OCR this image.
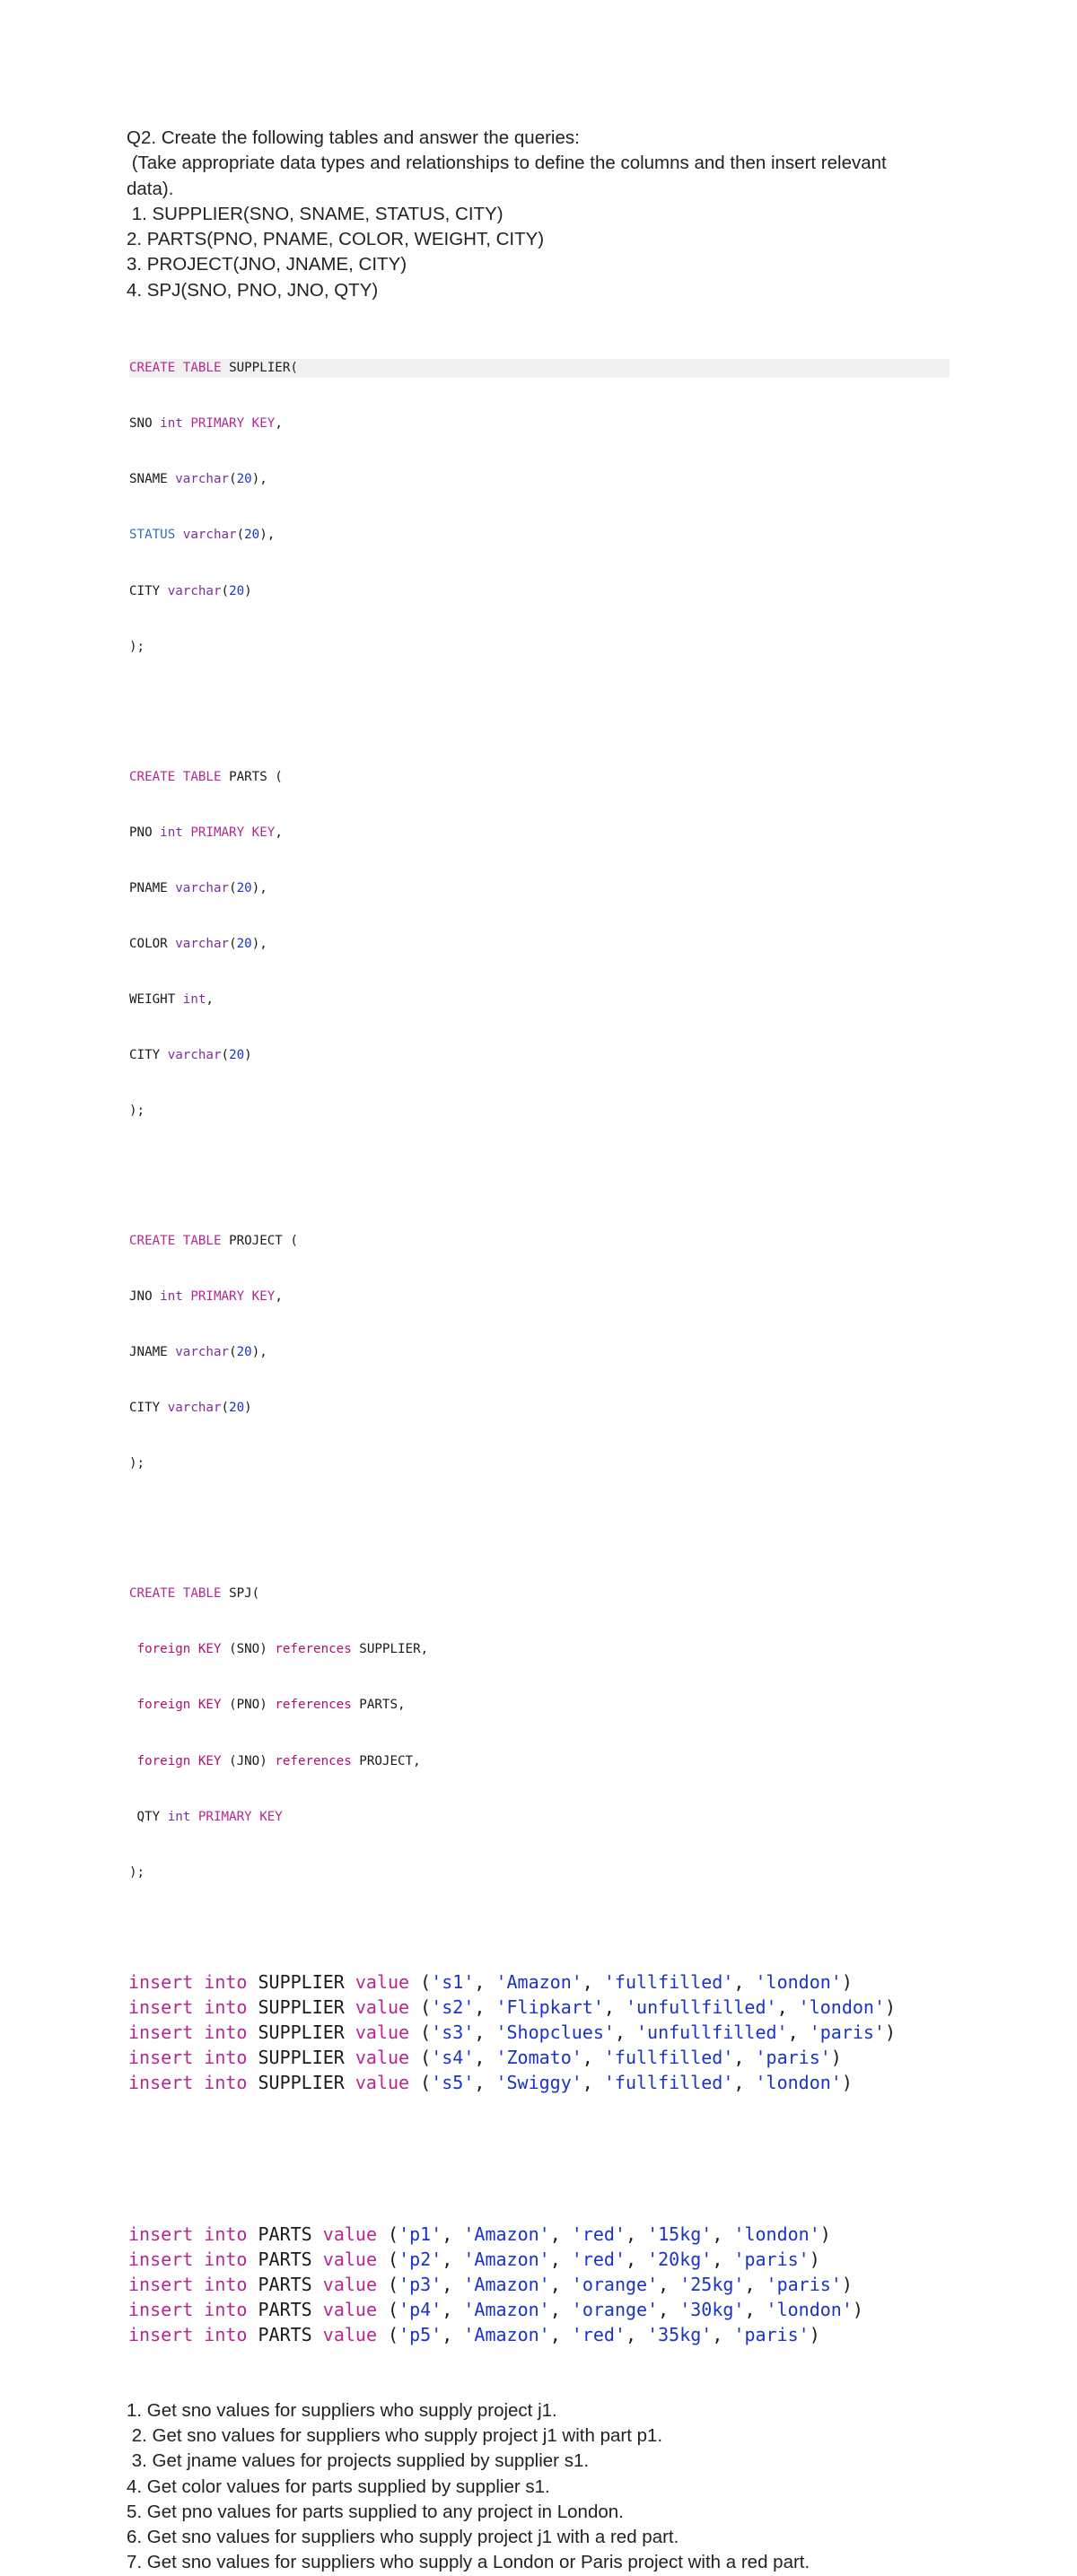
Q2. Create the following tables and answer the queries:

(Take appropriate data types and relationships to define the columns and then insert relevant

data).

1. SUPPLIER(SNO, SNAME, STATUS, CITY)

2. PARTS(PNO, PNAME, COLOR, WEIGHT, CITY)

3. PROJECT(JNO, JNAME, CITY)

4. SPJ(SNO, PNO, JNO, QTY)

CREATE TABLE SUPPLIER(

SNO int PRIMARY KEY,

SNAME varchar(20),

STATUS varchar(20),

CITY varchar(20)

);

CREATE TABLE PARTS (

PNO int PRIMARY KEY,

PNAME varchar(20),

COLOR varchar(20),

WEIGHT int,

CITY varchar(20)

);

CREATE TABLE PROJECT (

JNO int PRIMARY KEY,

JNAME varchar(20),

CITY varchar(20)

);

CREATE TABLE SPJ(

foreign KEY (SNO) references SUPPLIER,

foreign KEY (PNO) references PARTS,

foreign KEY (JNO) references PROJECT,

QTY int PRIMARY KEY

);

insert into SUPPLIER value ('s1', 'Amazon', 'fullfilled', 'london')
insert into SUPPLIER value ('s2', 'Flipkart', 'unfullfilled', 'london')
insert into SUPPLIER value ('s3', 'Shopclues', 'unfullfilled', 'paris')
insert into SUPPLIER value ('s4', 'Zomato', 'fullfilled', 'paris')
insert into SUPPLIER value ('s5', 'Swiggy', 'fullfilled', 'london')

insert into PARTS value ('p1', 'Amazon', 'red', '15kg', 'london')
insert into PARTS value ('p2', 'Amazon', 'red', '20kg', 'paris')
insert into PARTS value ('p3', 'Amazon', 'orange', '25kg', 'paris')
insert into PARTS value ('p4', 'Amazon', 'orange', '30kg', 'london')
insert into PARTS value ('p5', 'Amazon', 'red', '35kg', 'paris')

1. Get sno values for suppliers who supply project j1.

2. Get sno values for suppliers who supply project j1 with part p1.

3. Get jname values for projects supplied by supplier s1.

4. Get color values for parts supplied by supplier s1.

5. Get pno values for parts supplied to any project in London.

6. Get sno values for suppliers who supply project j1 with a red part.

7. Get sno values for suppliers who supply a London or Paris project with a red part.
